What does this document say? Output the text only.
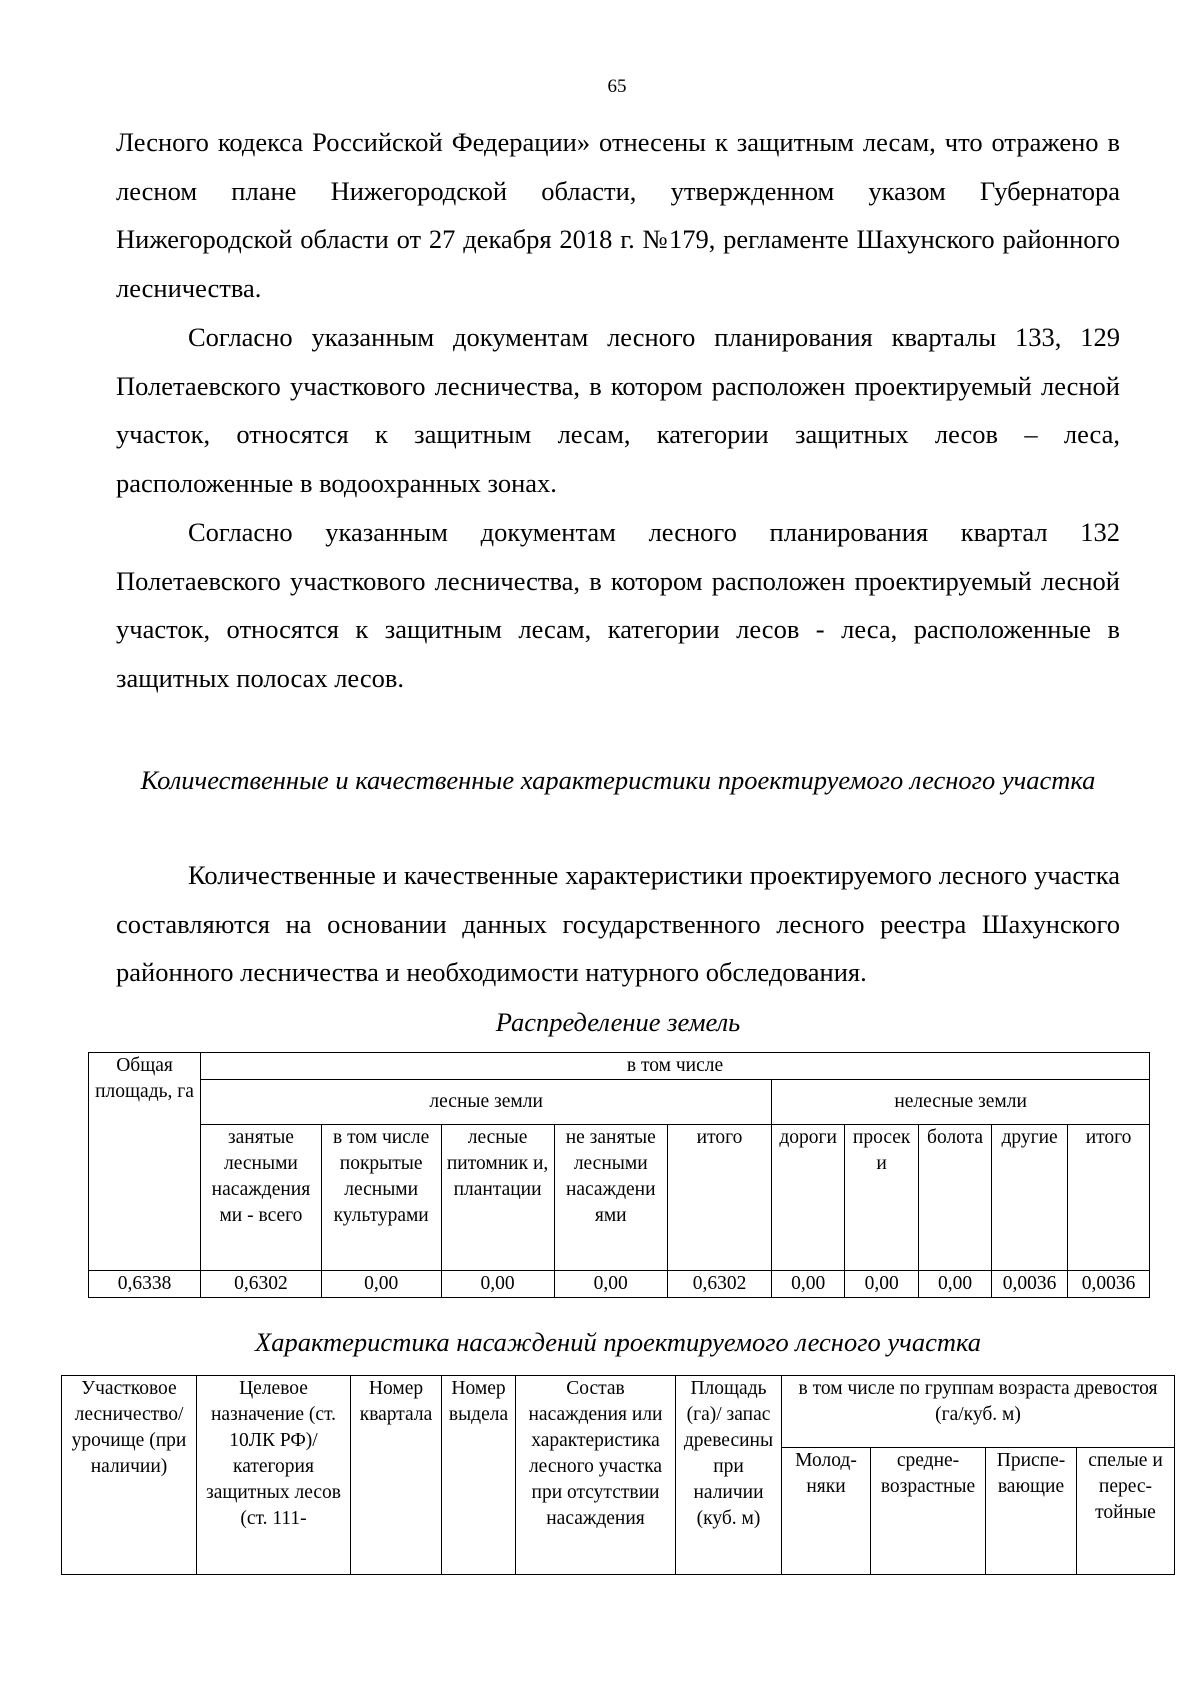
65

Лесного кодекса Российской Федерации» отнесены к защитным лесам, что отражено в лесном плане Нижегородской области, утвержденном указом Губернатора Нижегородской области от 27 декабря 2018 г. №179, регламенте Шахунского районного лесничества.

Согласно указанным документам лесного планирования кварталы 133, 129 Полетаевского участкового лесничества, в котором расположен проектируемый лесной участок, относятся к защитным лесам, категории защитных лесов – леса, расположенные в водоохранных зонах.

Согласно указанным документам лесного планирования квартал 132 Полетаевского участкового лесничества, в котором расположен проектируемый лесной участок, относятся к защитным лесам, категории лесов - леса, расположенные в защитных полосах лесов.

Количественные и качественные характеристики проектируемого лесного участка

Количественные и качественные характеристики проектируемого лесного участка составляются на основании данных государственного лесного реестра Шахунского районного лесничества и необходимости натурного обследования.

Распределение земель

Общая площадь, га	в том числе									
	лесные земли					нелесные земли				
	занятые лесными насаждения ми - всего	в том числе покрытые лесными культурами	лесные питомник и, плантации	не занятые лесными насаждени ями	итого	дороги	просек и	болота	другие	итого
0,6338	0,6302	0,00	0,00	0,00	0,6302	0,00	0,00	0,00	0,0036	0,0036

Характеристика насаждений проектируемого лесного участка

Участковое лесничество/ урочище (при наличии)	Целевое назначение (ст. 10ЛК РФ)/ категория защитных лесов (ст. 111-	Номер квартала	Номер выдела	Состав насаждения или характеристика лесного участка при отсутствии насаждения	Площадь (га)/ запас древесины при наличии (куб. м)	в том числе по группам возраста древостоя (га/куб. м)			
						Молод-няки	средне-возрастные	Приспе-вающие	спелые и перес-тойные
